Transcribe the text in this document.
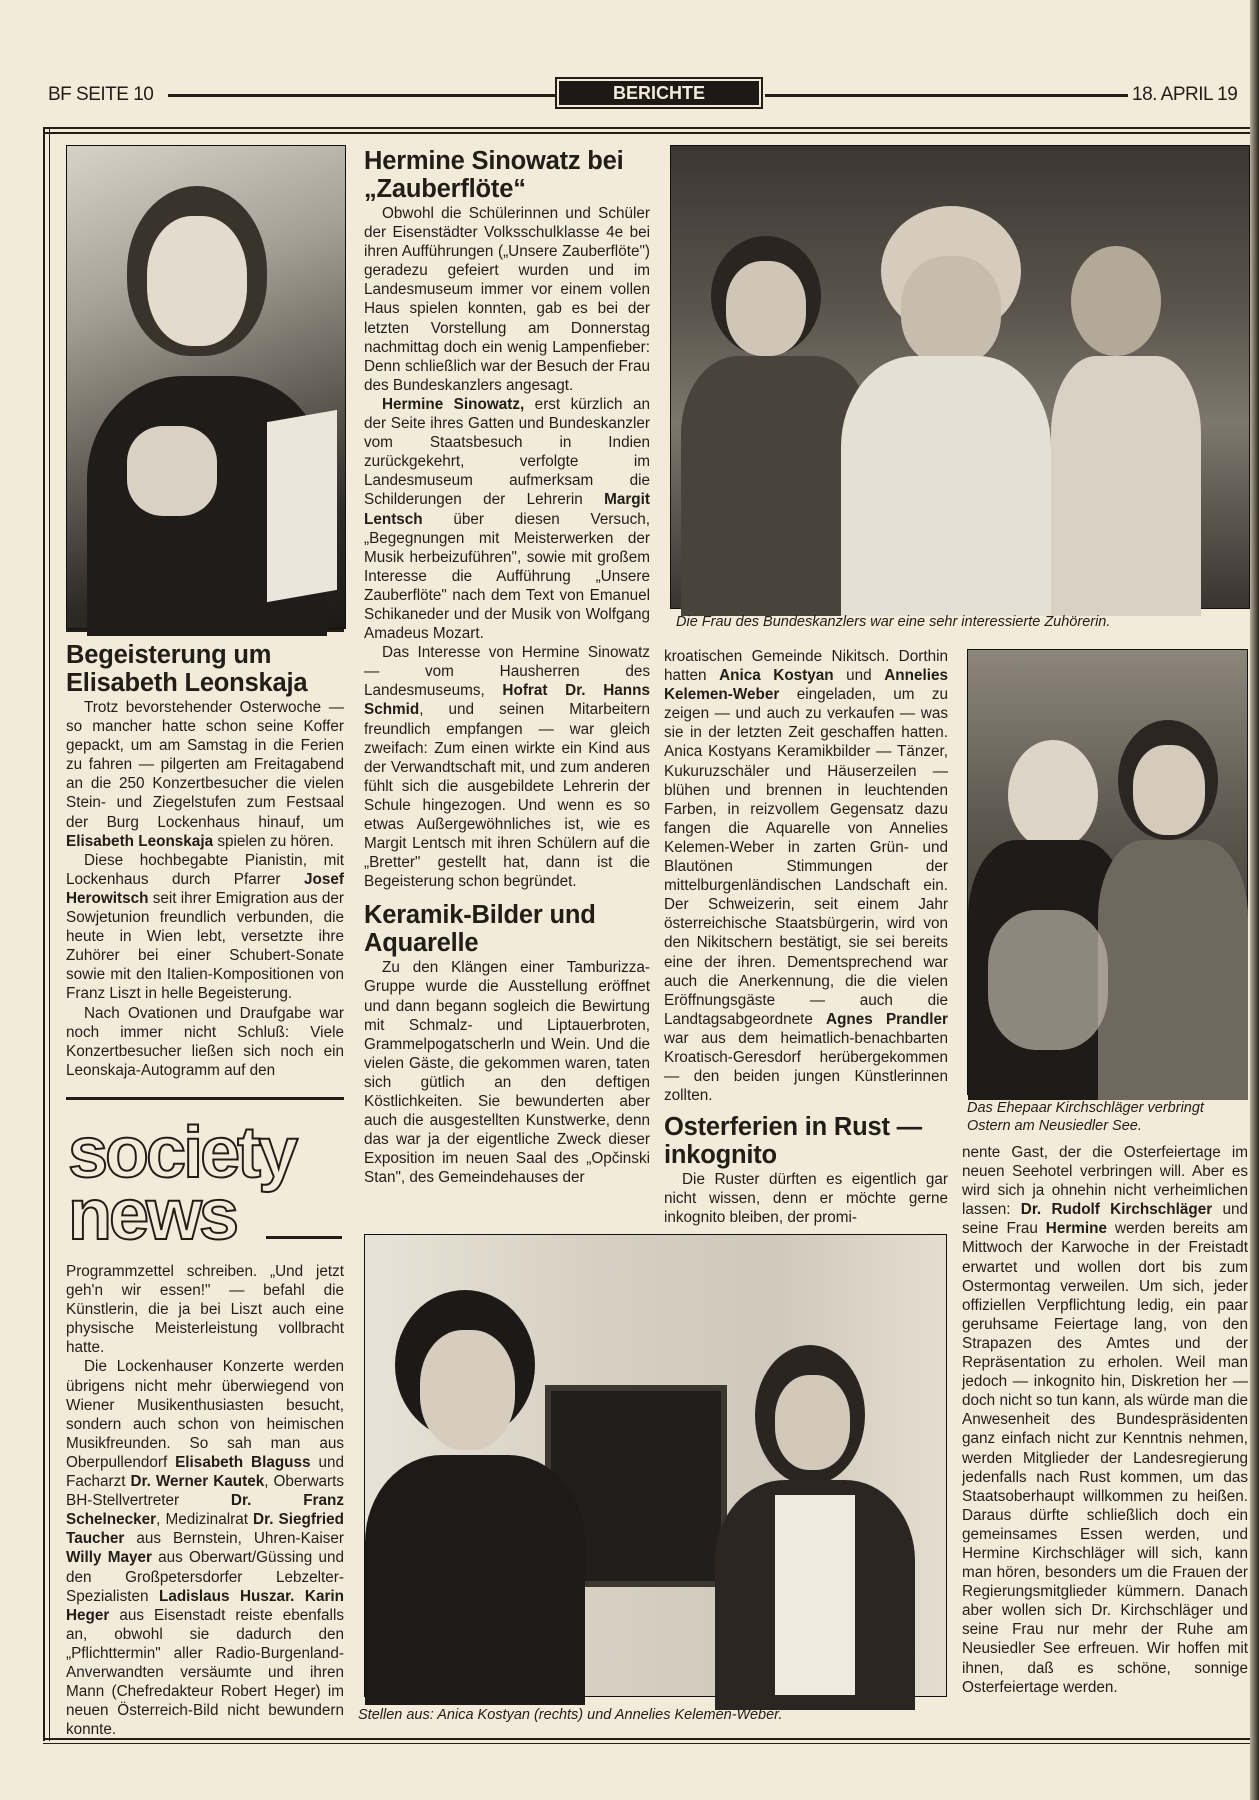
BF SEITE 10	BERICHTE	18. APRIL 19
Begeisterung um Elisabeth Leonskaja

Trotz bevorstehender Osterwoche — so mancher hatte schon seine Koffer gepackt, um am Samstag in die Ferien zu fahren — pilgerten am Freitagabend an die 250 Konzertbesucher die vielen Stein- und Ziegelstufen zum Festsaal der Burg Lockenhaus hinauf, um Elisabeth Leonskaja spielen zu hören.

Diese hochbegabte Pianistin, mit Lockenhaus durch Pfarrer Josef Herowitsch seit ihrer Emigration aus der Sowjetunion freundlich verbunden, die heute in Wien lebt, versetzte ihre Zuhörer bei einer Schubert-Sonate sowie mit den Italien-Kompositionen von Franz Liszt in helle Begeisterung.

Nach Ovationen und Draufgabe war noch immer nicht Schluß: Viele Konzertbesucher ließen sich noch ein Leonskaja-Autogramm auf den

society
news

Programmzettel schreiben. „Und jetzt geh'n wir essen!" — befahl die Künstlerin, die ja bei Liszt auch eine physische Meisterleistung vollbracht hatte.

Die Lockenhauser Konzerte werden übrigens nicht mehr überwiegend von Wiener Musikenthusiasten besucht, sondern auch schon von heimischen Musikfreunden. So sah man aus Oberpullendorf Elisabeth Blaguss und Facharzt Dr. Werner Kautek, Oberwarts BH-Stellvertreter Dr. Franz Schelnecker, Medizinalrat Dr. Siegfried Taucher aus Bernstein, Uhren-Kaiser Willy Mayer aus Oberwart/Güssing und den Großpetersdorfer Lebzelter-Spezialisten Ladislaus Huszar. Karin Heger aus Eisenstadt reiste ebenfalls an, obwohl sie dadurch den „Pflichttermin" aller Radio-Burgenland-Anverwandten versäumte und ihren Mann (Chefredakteur Robert Heger) im neuen Österreich-Bild nicht bewundern konnte.

Hermine Sinowatz bei „Zauberflöte“

Obwohl die Schülerinnen und Schüler der Eisenstädter Volksschulklasse 4e bei ihren Aufführungen („Unsere Zauberflöte") geradezu gefeiert wurden und im Landesmuseum immer vor einem vollen Haus spielen konnten, gab es bei der letzten Vorstellung am Donnerstag nachmittag doch ein wenig Lampenfieber: Denn schließlich war der Besuch der Frau des Bundeskanzlers angesagt.

Hermine Sinowatz, erst kürzlich an der Seite ihres Gatten und Bundeskanzler vom Staatsbesuch in Indien zurückgekehrt, verfolgte im Landesmuseum aufmerksam die Schilderungen der Lehrerin Margit Lentsch über diesen Versuch, „Begegnungen mit Meisterwerken der Musik herbeizuführen", sowie mit großem Interesse die Aufführung „Unsere Zauberflöte" nach dem Text von Emanuel Schikaneder und der Musik von Wolfgang Amadeus Mozart.

Das Interesse von Hermine Sinowatz — vom Hausherren des Landesmuseums, Hofrat Dr. Hanns Schmid, und seinen Mitarbeitern freundlich empfangen — war gleich zweifach: Zum einen wirkte ein Kind aus der Verwandtschaft mit, und zum anderen fühlt sich die ausgebildete Lehrerin der Schule hingezogen. Und wenn es so etwas Außergewöhnliches ist, wie es Margit Lentsch mit ihren Schülern auf die „Bretter" gestellt hat, dann ist die Begeisterung schon begründet.

Keramik-Bilder und Aquarelle

Zu den Klängen einer Tamburizza-Gruppe wurde die Ausstellung eröffnet und dann begann sogleich die Bewirtung mit Schmalz- und Liptauerbroten, Grammelpogatscherln und Wein. Und die vielen Gäste, die gekommen waren, taten sich gütlich an den deftigen Köstlichkeiten. Sie bewunderten aber auch die ausgestellten Kunstwerke, denn das war ja der eigentliche Zweck dieser Exposition im neuen Saal des „Opčinski Stan", des Gemeindehauses der

Die Frau des Bundeskanzlers war eine sehr interessierte Zuhörerin.

kroatischen Gemeinde Nikitsch. Dorthin hatten Anica Kostyan und Annelies Kelemen-Weber eingeladen, um zu zeigen — und auch zu verkaufen — was sie in der letzten Zeit geschaffen hatten. Anica Kostyans Keramikbilder — Tänzer, Kukuruzschäler und Häuserzeilen — blühen und brennen in leuchtenden Farben, in reizvollem Gegensatz dazu fangen die Aquarelle von Annelies Kelemen-Weber in zarten Grün- und Blautönen Stimmungen der mittelburgenländischen Landschaft ein. Der Schweizerin, seit einem Jahr österreichische Staatsbürgerin, wird von den Nikitschern bestätigt, sie sei bereits eine der ihren. Dementsprechend war auch die Anerkennung, die die vielen Eröffnungsgäste — auch die Landtagsabgeordnete Agnes Prandler war aus dem heimatlich-benachbarten Kroatisch-Geresdorf herübergekommen — den beiden jungen Künstlerinnen zollten.

Osterferien in Rust — inkognito

Die Ruster dürften es eigentlich gar nicht wissen, denn er möchte gerne inkognito bleiben, der promi-

Das Ehepaar Kirchschläger verbringt
Ostern am Neusiedler See.

nente Gast, der die Osterfeiertage im neuen Seehotel verbringen will. Aber es wird sich ja ohnehin nicht verheimlichen lassen: Dr. Rudolf Kirchschläger und seine Frau Hermine werden bereits am Mittwoch der Karwoche in der Freistadt erwartet und wollen dort bis zum Ostermontag verweilen. Um sich, jeder offiziellen Verpflichtung ledig, ein paar geruhsame Feiertage lang, von den Strapazen des Amtes und der Repräsentation zu erholen. Weil man jedoch — inkognito hin, Diskretion her — doch nicht so tun kann, als würde man die Anwesenheit des Bundespräsidenten ganz einfach nicht zur Kenntnis nehmen, werden Mitglieder der Landesregierung jedenfalls nach Rust kommen, um das Staatsoberhaupt willkommen zu heißen. Daraus dürfte schließlich doch ein gemeinsames Essen werden, und Hermine Kirchschläger will sich, kann man hören, besonders um die Frauen der Regierungsmitglieder kümmern. Danach aber wollen sich Dr. Kirchschläger und seine Frau nur mehr der Ruhe am Neusiedler See erfreuen. Wir hoffen mit ihnen, daß es schöne, sonnige Osterfeiertage werden.

Stellen aus: Anica Kostyan (rechts) und Annelies Kelemen-Weber.
